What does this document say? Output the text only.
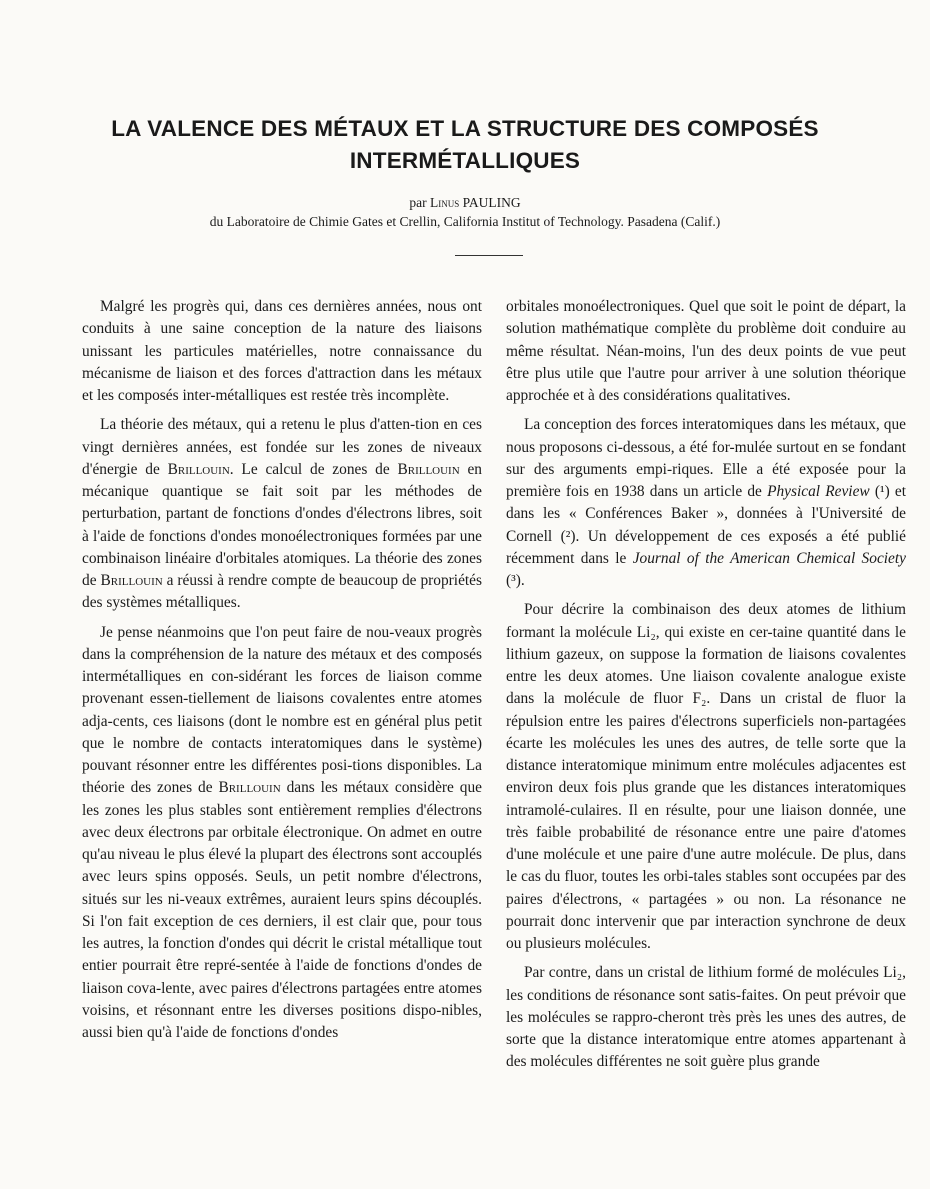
LA VALENCE DES MÉTAUX ET LA STRUCTURE DES COMPOSÉS
INTERMÉTALLIQUES
par Linus PAULING
du Laboratoire de Chimie Gates et Crellin, California Institut of Technology. Pasadena (Calif.)

Malgré les progrès qui, dans ces dernières années, nous ont conduits à une saine conception de la nature des liaisons unissant les particules matérielles, notre connaissance du mécanisme de liaison et des forces d'attraction dans les métaux et les composés inter-métalliques est restée très incomplète.

La théorie des métaux, qui a retenu le plus d'atten-tion en ces vingt dernières années, est fondée sur les zones de niveaux d'énergie de Brillouin. Le calcul de zones de Brillouin en mécanique quantique se fait soit par les méthodes de perturbation, partant de fonctions d'ondes d'électrons libres, soit à l'aide de fonctions d'ondes monoélectroniques formées par une combinaison linéaire d'orbitales atomiques. La théorie des zones de Brillouin a réussi à rendre compte de beaucoup de propriétés des systèmes métalliques.

Je pense néanmoins que l'on peut faire de nou-veaux progrès dans la compréhension de la nature des métaux et des composés intermétalliques en con-sidérant les forces de liaison comme provenant essen-tiellement de liaisons covalentes entre atomes adja-cents, ces liaisons (dont le nombre est en général plus petit que le nombre de contacts interatomiques dans le système) pouvant résonner entre les différentes posi-tions disponibles. La théorie des zones de Brillouin dans les métaux considère que les zones les plus stables sont entièrement remplies d'électrons avec deux électrons par orbitale électronique. On admet en outre qu'au niveau le plus élevé la plupart des électrons sont accouplés avec leurs spins opposés. Seuls, un petit nombre d'électrons, situés sur les ni-veaux extrêmes, auraient leurs spins découplés. Si l'on fait exception de ces derniers, il est clair que, pour tous les autres, la fonction d'ondes qui décrit le cristal métallique tout entier pourrait être repré-sentée à l'aide de fonctions d'ondes de liaison cova-lente, avec paires d'électrons partagées entre atomes voisins, et résonnant entre les diverses positions dispo-nibles, aussi bien qu'à l'aide de fonctions d'ondes

orbitales monoélectroniques. Quel que soit le point de départ, la solution mathématique complète du problème doit conduire au même résultat. Néan-moins, l'un des deux points de vue peut être plus utile que l'autre pour arriver à une solution théorique approchée et à des considérations qualitatives.

La conception des forces interatomiques dans les métaux, que nous proposons ci-dessous, a été for-mulée surtout en se fondant sur des arguments empi-riques. Elle a été exposée pour la première fois en 1938 dans un article de Physical Review (¹) et dans les « Conférences Baker », données à l'Université de Cornell (²). Un développement de ces exposés a été publié récemment dans le Journal of the American Chemical Society (³).

Pour décrire la combinaison des deux atomes de lithium formant la molécule Li₂, qui existe en cer-taine quantité dans le lithium gazeux, on suppose la formation de liaisons covalentes entre les deux atomes. Une liaison covalente analogue existe dans la molécule de fluor F₂. Dans un cristal de fluor la répulsion entre les paires d'électrons superficiels non-partagées écarte les molécules les unes des autres, de telle sorte que la distance interatomique minimum entre molécules adjacentes est environ deux fois plus grande que les distances interatomiques intramolé-culaires. Il en résulte, pour une liaison donnée, une très faible probabilité de résonance entre une paire d'atomes d'une molécule et une paire d'une autre molécule. De plus, dans le cas du fluor, toutes les orbi-tales stables sont occupées par des paires d'électrons, « partagées » ou non. La résonance ne pourrait donc intervenir que par interaction synchrone de deux ou plusieurs molécules.

Par contre, dans un cristal de lithium formé de molécules Li₂, les conditions de résonance sont satis-faites. On peut prévoir que les molécules se rappro-cheront très près les unes des autres, de sorte que la distance interatomique entre atomes appartenant à des molécules différentes ne soit guère plus grande
